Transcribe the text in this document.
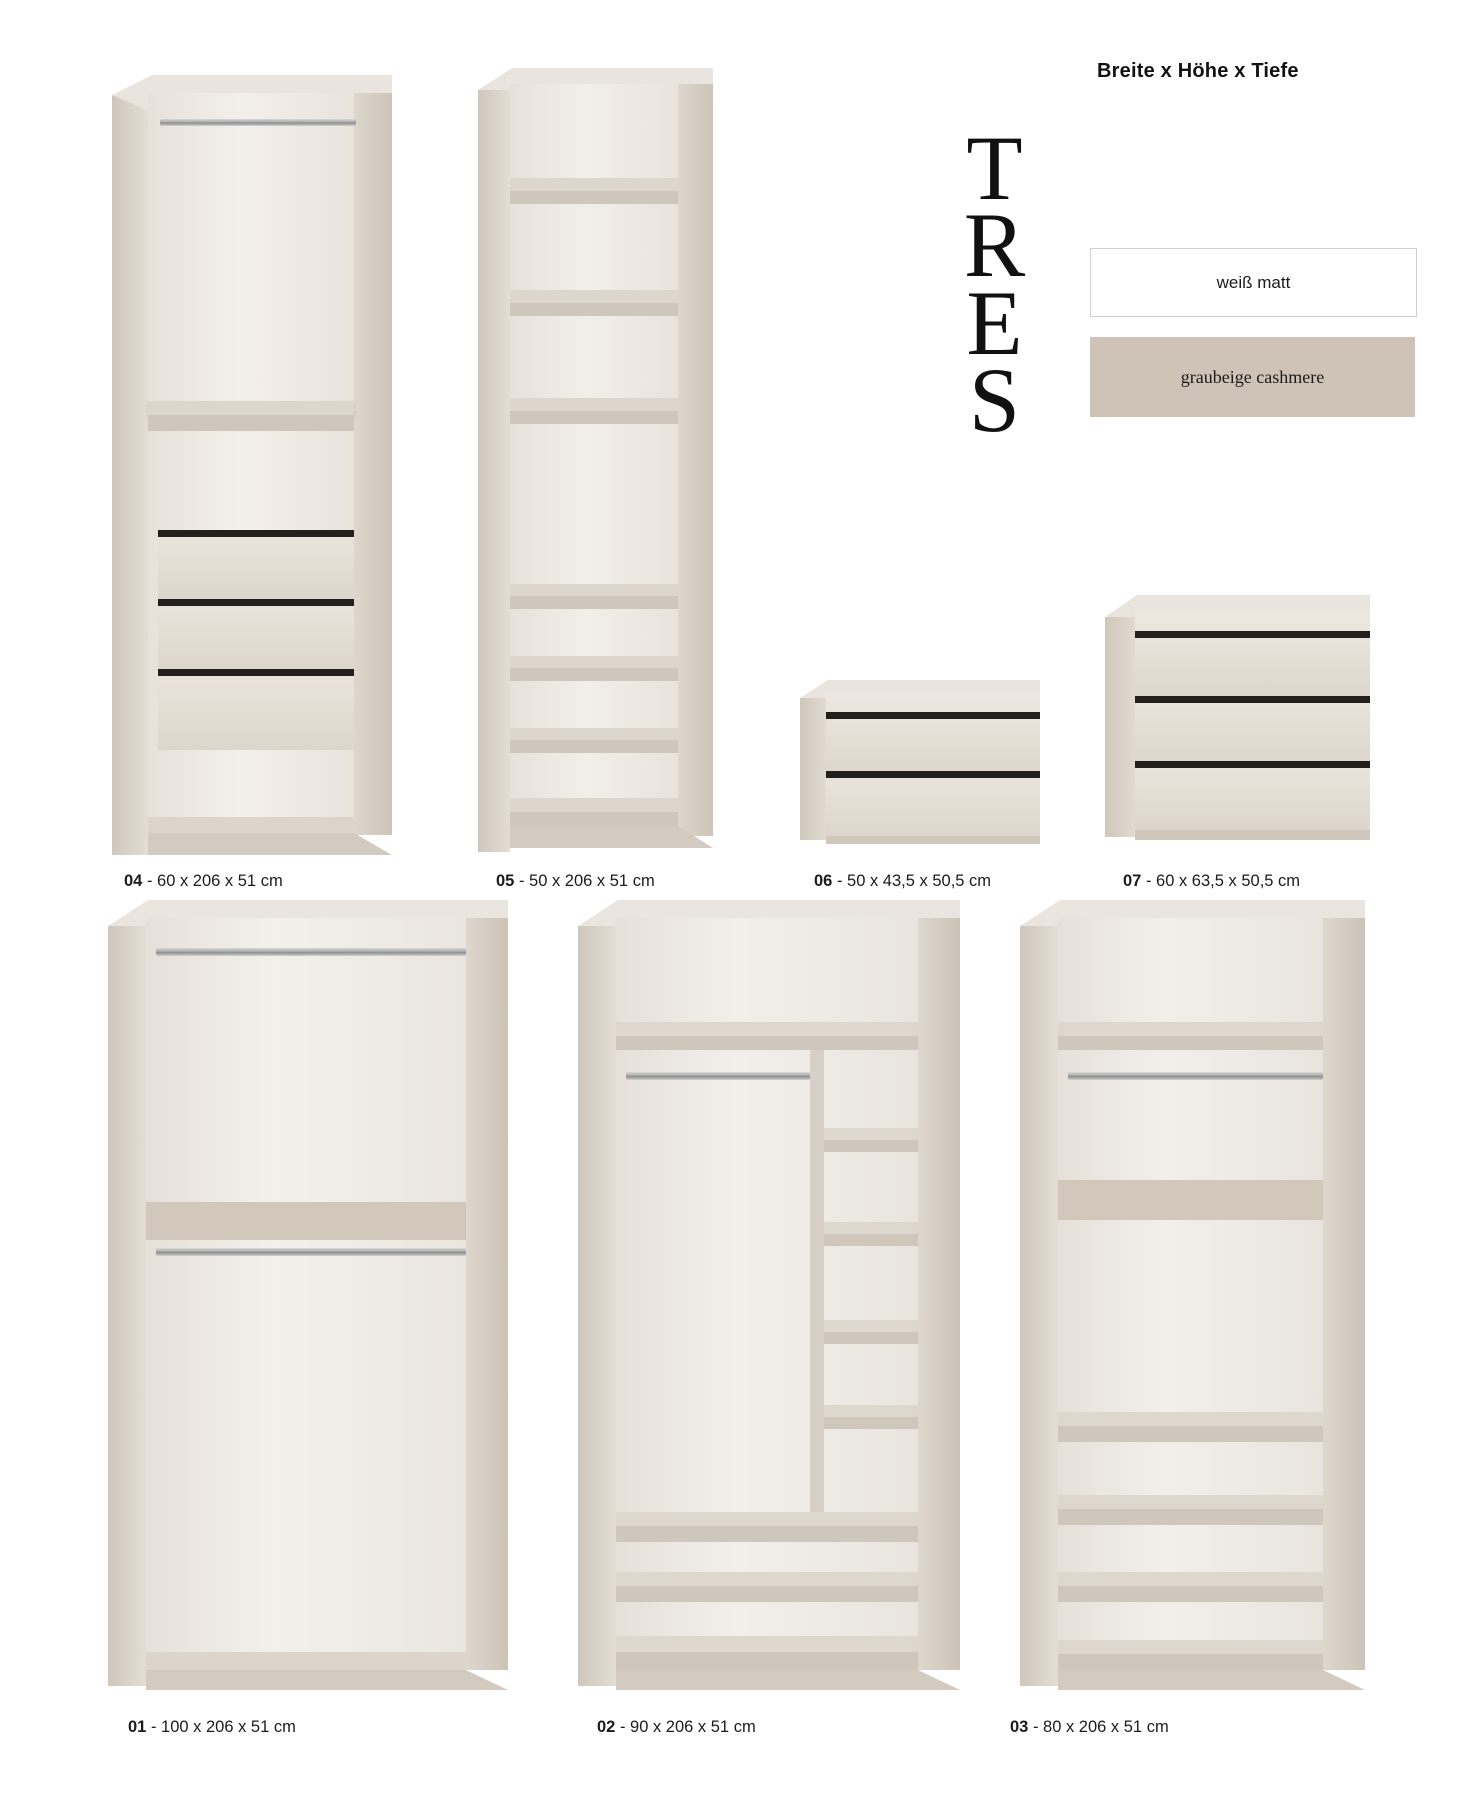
Breite x Höhe x Tiefe
T
R
E
S
weiß matt
graubeige cashmere
04 - 60 x 206 x 51 cm	05 - 50 x 206 x 51 cm	06 - 50 x 43,5 x 50,5 cm	07 - 60 x 63,5 x 50,5 cm
01 - 100 x 206 x 51 cm	02 - 90 x 206 x 51 cm	03 - 80 x 206 x 51 cm
